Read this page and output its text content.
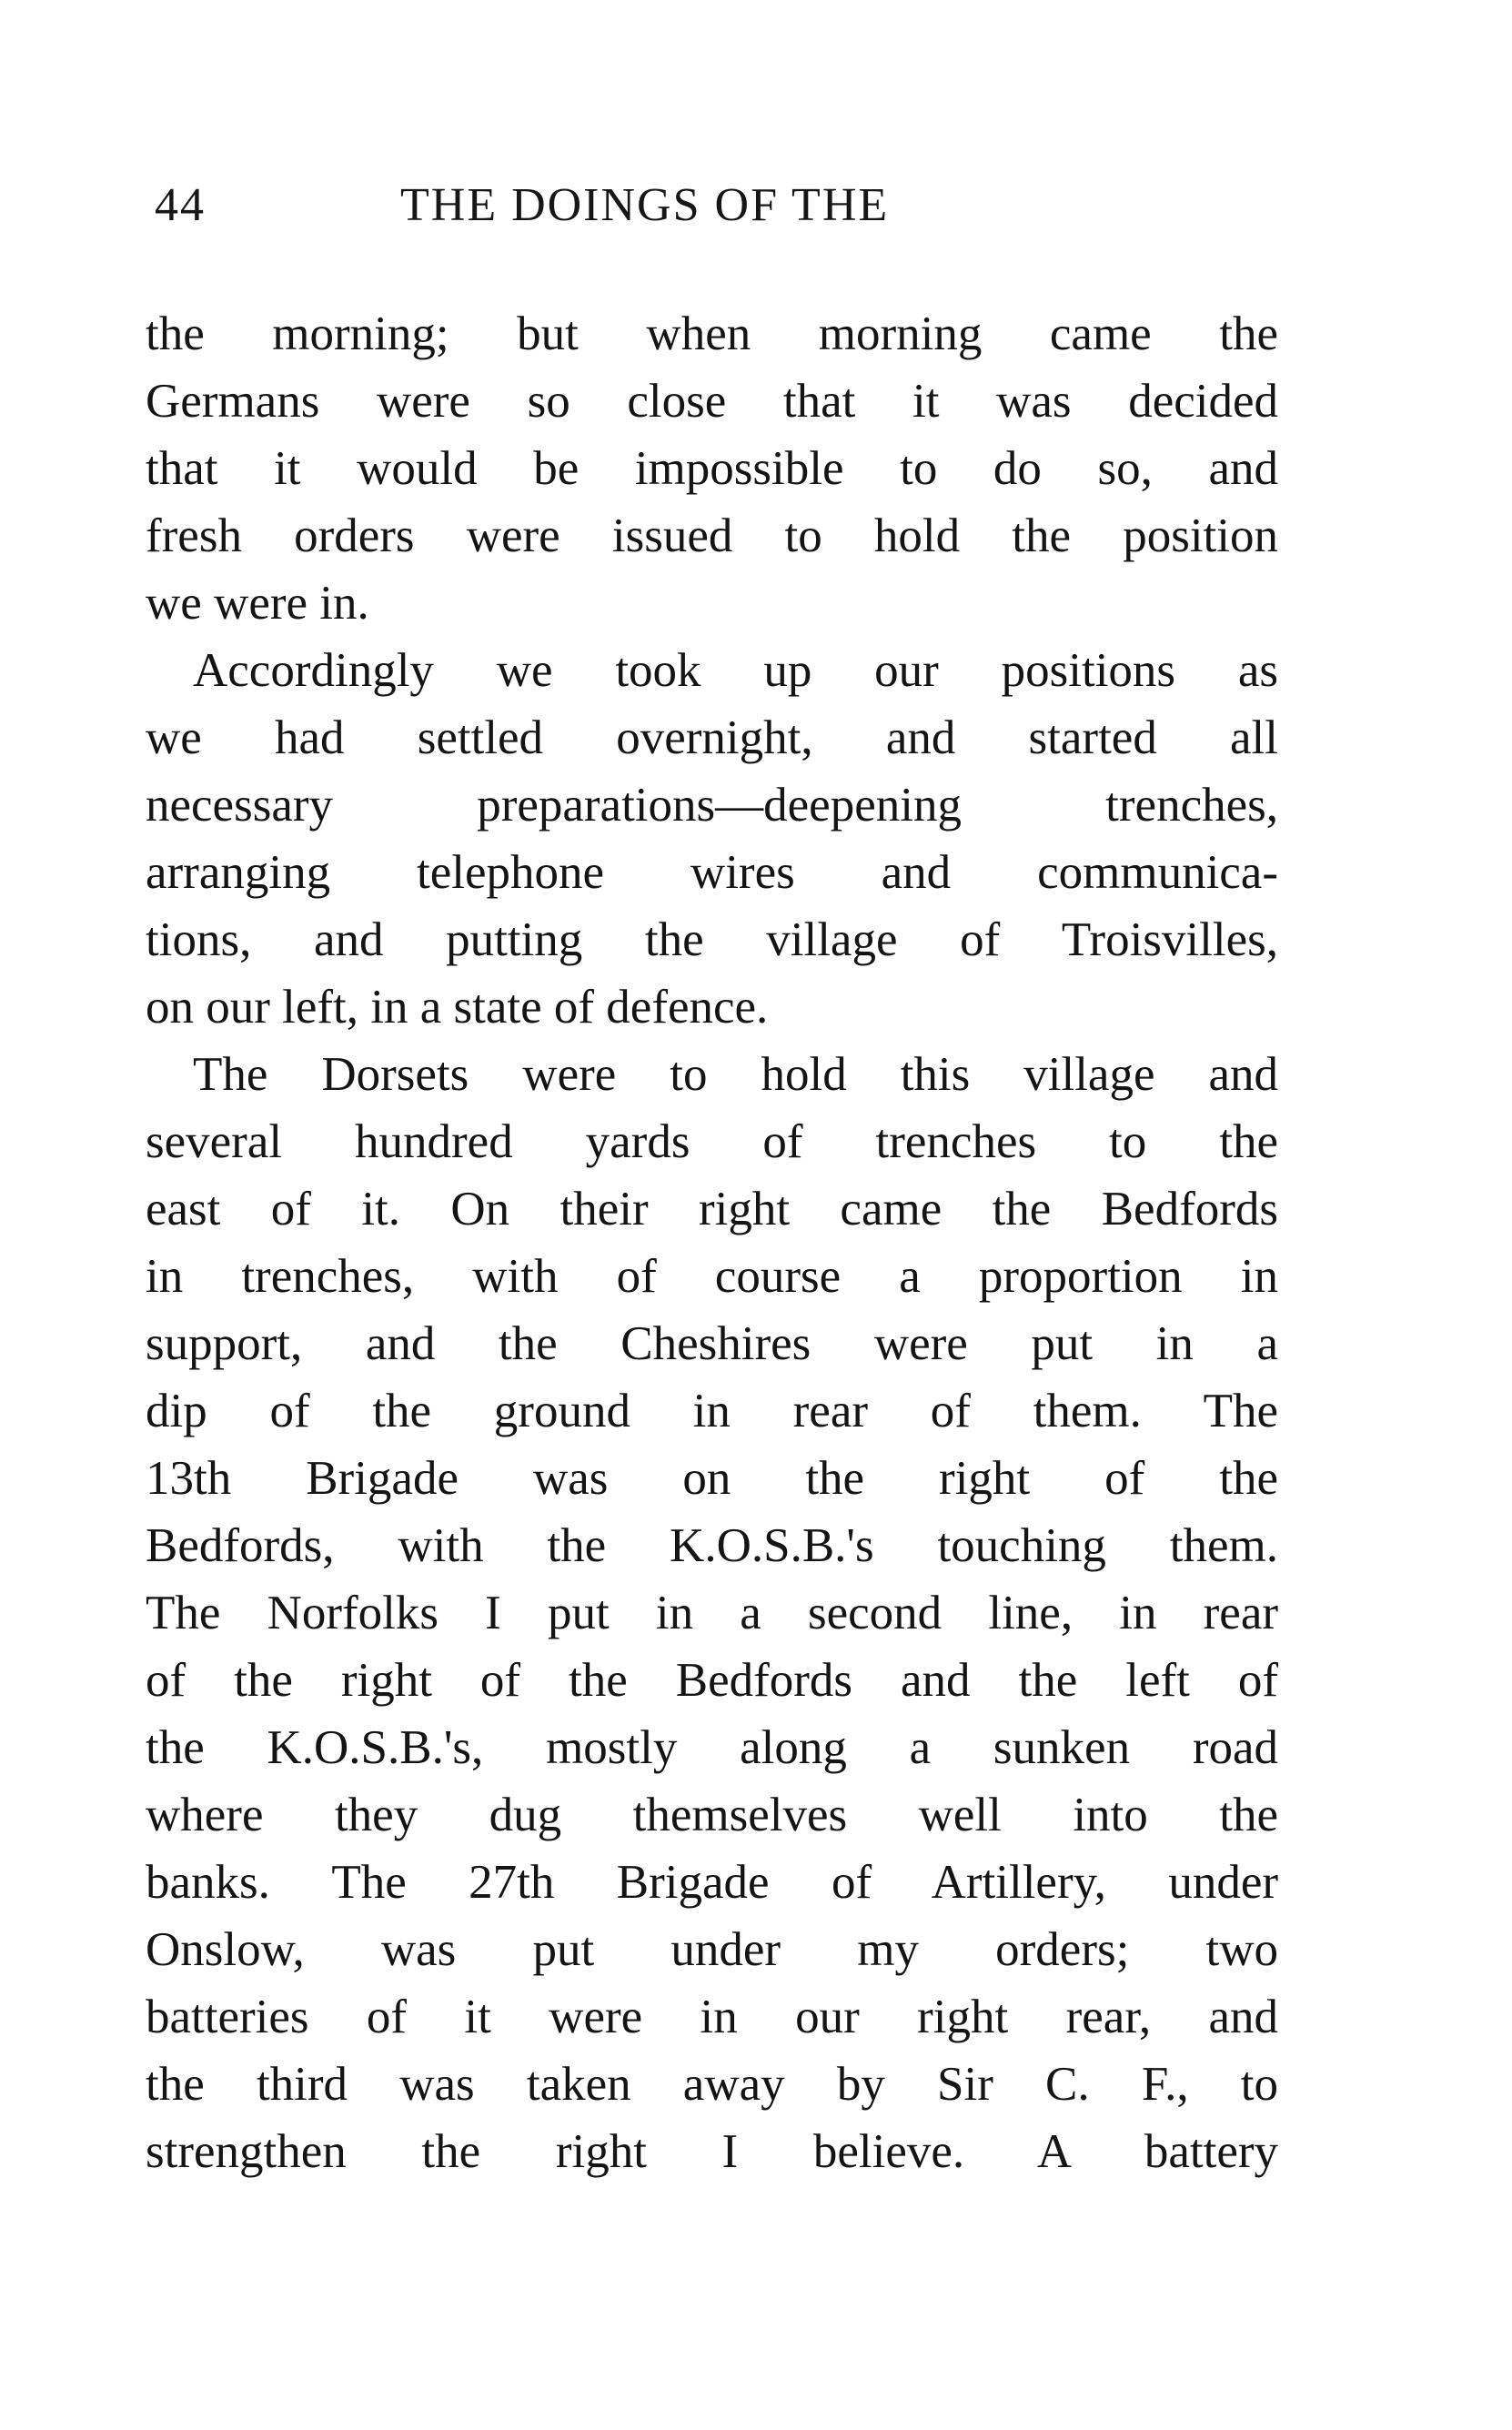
44	THE DOINGS OF THE
the morning; but when morning came the
Germans were so close that it was decided
that it would be impossible to do so, and
fresh orders were issued to hold the position
we were in.
Accordingly we took up our positions as
we had settled overnight, and started all
necessary preparations—deepening trenches,
arranging telephone wires and communica-
tions, and putting the village of Troisvilles,
on our left, in a state of defence.
The Dorsets were to hold this village and
several hundred yards of trenches to the
east of it. On their right came the Bedfords
in trenches, with of course a proportion in
support, and the Cheshires were put in a
dip of the ground in rear of them. The
13th Brigade was on the right of the
Bedfords, with the K.O.S.B.'s touching them.
The Norfolks I put in a second line, in rear
of the right of the Bedfords and the left of
the K.O.S.B.'s, mostly along a sunken road
where they dug themselves well into the
banks. The 27th Brigade of Artillery, under
Onslow, was put under my orders; two
batteries of it were in our right rear, and
the third was taken away by Sir C. F., to
strengthen the right I believe. A battery
